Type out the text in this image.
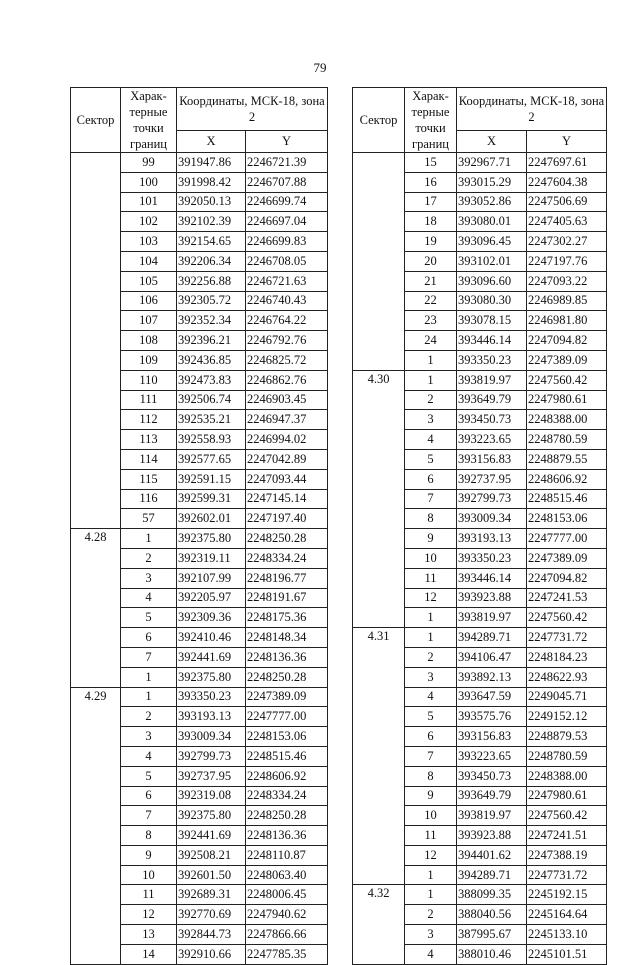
79
Сектор	Харак-терные точки границ	Координаты, МСК-18, зона 2	
		X	Y
	99	391947.86	2246721.39
	100	391998.42	2246707.88
	101	392050.13	2246699.74
	102	392102.39	2246697.04
	103	392154.65	2246699.83
	104	392206.34	2246708.05
	105	392256.88	2246721.63
	106	392305.72	2246740.43
	107	392352.34	2246764.22
	108	392396.21	2246792.76
	109	392436.85	2246825.72
	110	392473.83	2246862.76
	111	392506.74	2246903.45
	112	392535.21	2246947.37
	113	392558.93	2246994.02
	114	392577.65	2247042.89
	115	392591.15	2247093.44
	116	392599.31	2247145.14
	57	392602.01	2247197.40
4.28	1	392375.80	2248250.28
	2	392319.11	2248334.24
	3	392107.99	2248196.77
	4	392205.97	2248191.67
	5	392309.36	2248175.36
	6	392410.46	2248148.34
	7	392441.69	2248136.36
	1	392375.80	2248250.28
4.29	1	393350.23	2247389.09
	2	393193.13	2247777.00
	3	393009.34	2248153.06
	4	392799.73	2248515.46
	5	392737.95	2248606.92
	6	392319.08	2248334.24
	7	392375.80	2248250.28
	8	392441.69	2248136.36
	9	392508.21	2248110.87
	10	392601.50	2248063.40
	11	392689.31	2248006.45
	12	392770.69	2247940.62
	13	392844.73	2247866.66
	14	392910.66	2247785.35
Сектор	Харак-терные точки границ	Координаты, МСК-18, зона 2	
		X	Y
	15	392967.71	2247697.61
	16	393015.29	2247604.38
	17	393052.86	2247506.69
	18	393080.01	2247405.63
	19	393096.45	2247302.27
	20	393102.01	2247197.76
	21	393096.60	2247093.22
	22	393080.30	2246989.85
	23	393078.15	2246981.80
	24	393446.14	2247094.82
	1	393350.23	2247389.09
4.30	1	393819.97	2247560.42
	2	393649.79	2247980.61
	3	393450.73	2248388.00
	4	393223.65	2248780.59
	5	393156.83	2248879.55
	6	392737.95	2248606.92
	7	392799.73	2248515.46
	8	393009.34	2248153.06
	9	393193.13	2247777.00
	10	393350.23	2247389.09
	11	393446.14	2247094.82
	12	393923.88	2247241.53
	1	393819.97	2247560.42
4.31	1	394289.71	2247731.72
	2	394106.47	2248184.23
	3	393892.13	2248622.93
	4	393647.59	2249045.71
	5	393575.76	2249152.12
	6	393156.83	2248879.53
	7	393223.65	2248780.59
	8	393450.73	2248388.00
	9	393649.79	2247980.61
	10	393819.97	2247560.42
	11	393923.88	2247241.51
	12	394401.62	2247388.19
	1	394289.71	2247731.72
4.32	1	388099.35	2245192.15
	2	388040.56	2245164.64
	3	387995.67	2245133.10
	4	388010.46	2245101.51
